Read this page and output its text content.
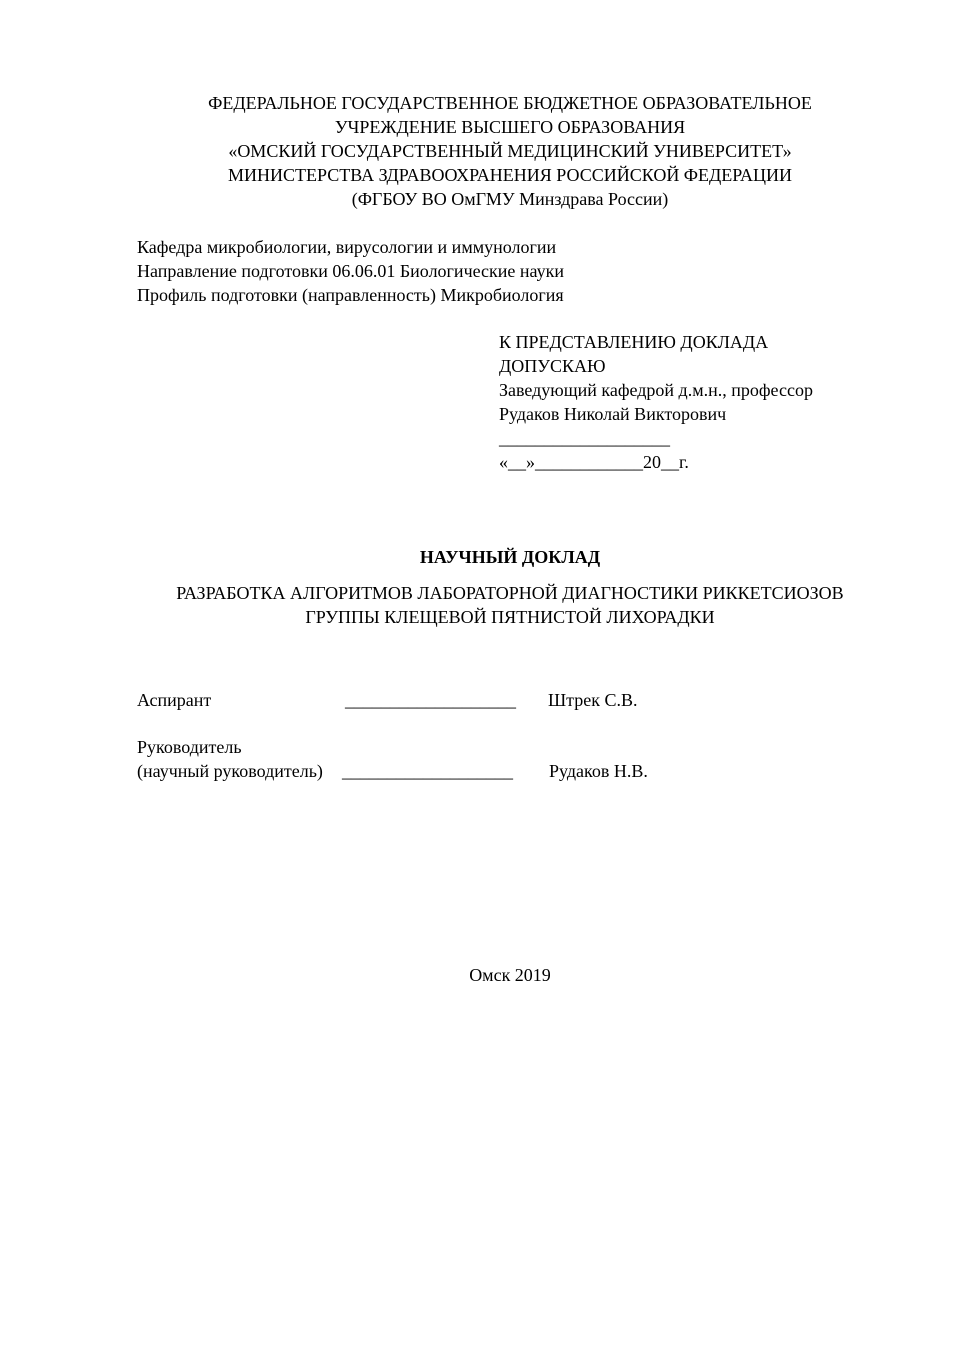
ФЕДЕРАЛЬНОЕ ГОСУДАРСТВЕННОЕ БЮДЖЕТНОЕ ОБРАЗОВАТЕЛЬНОЕ
УЧРЕЖДЕНИЕ ВЫСШЕГО ОБРАЗОВАНИЯ
«ОМСКИЙ ГОСУДАРСТВЕННЫЙ МЕДИЦИНСКИЙ УНИВЕРСИТЕТ»
МИНИСТЕРСТВА ЗДРАВООХРАНЕНИЯ РОССИЙСКОЙ ФЕДЕРАЦИИ
(ФГБОУ ВО ОмГМУ Минздрава России)
Кафедра микробиологии, вирусологии и иммунологии
Направление подготовки 06.06.01 Биологические науки
Профиль подготовки (направленность) Микробиология
К ПРЕДСТАВЛЕНИЮ ДОКЛАДА
ДОПУСКАЮ
Заведующий кафедрой д.м.н., профессор
Рудаков Николай Викторович
___________________
«__»____________20__г.
НАУЧНЫЙ ДОКЛАД
РАЗРАБОТКА АЛГОРИТМОВ ЛАБОРАТОРНОЙ ДИАГНОСТИКИ РИККЕТСИОЗОВ
ГРУППЫ КЛЕЩЕВОЙ ПЯТНИСТОЙ ЛИХОРАДКИ
Аспирант	___________________ Штрек С.В.
Руководитель
(научный руководитель) ___________________ Рудаков Н.В.
Омск 2019
